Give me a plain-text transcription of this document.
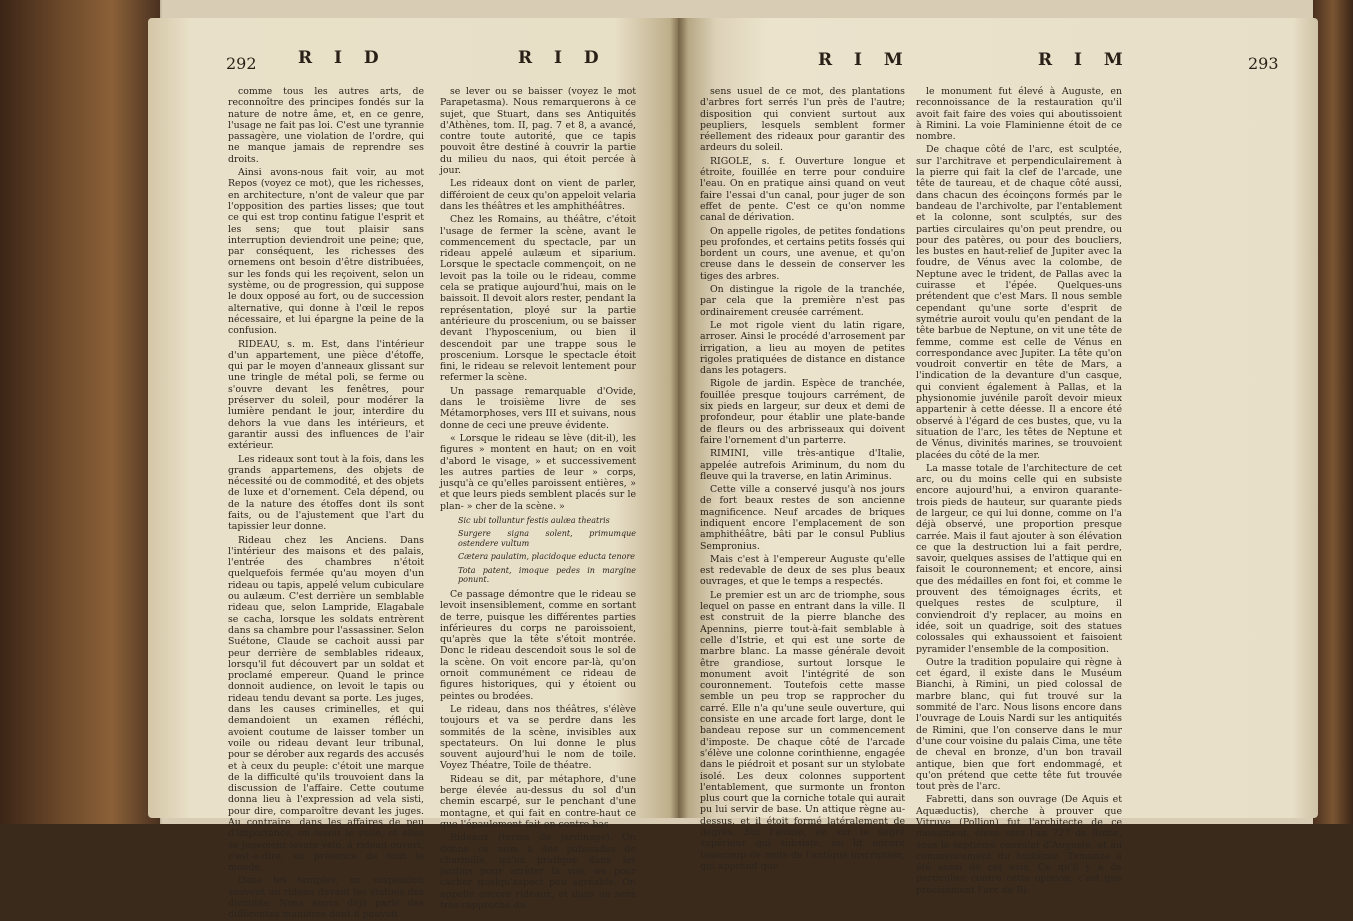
292 R I D	R I D

comme tous les autres arts, de reconnoître des principes fondés sur la nature de notre âme, et, en ce genre, l'usage ne fait pas loi. C'est une tyrannie passagère, une violation de l'ordre, qui ne manque jamais de reprendre ses droits.

Ainsi avons-nous fait voir, au mot Repos (voyez ce mot), que les richesses, en architecture, n'ont de valeur que par l'opposition des parties lisses; que tout ce qui est trop continu fatigue l'esprit et les sens; que tout plaisir sans interruption deviendroit une peine; que, par conséquent, les richesses des ornemens ont besoin d'être distribuées, sur les fonds qui les reçoivent, selon un système, ou de progression, qui suppose le doux opposé au fort, ou de succession alternative, qui donne à l'œil le repos nécessaire, et lui épargne la peine de la confusion.

RIDEAU, s. m. Est, dans l'intérieur d'un appartement, une pièce d'étoffe, qui par le moyen d'anneaux glissant sur une tringle de métal poli, se ferme ou s'ouvre devant les fenêtres, pour préserver du soleil, pour modérer la lumière pendant le jour, interdire du dehors la vue dans les intérieurs, et garantir aussi des influences de l'air extérieur.

Les rideaux sont tout à la fois, dans les grands appartemens, des objets de nécessité ou de commodité, et des objets de luxe et d'ornement. Cela dépend, ou de la nature des étoffes dont ils sont faits, ou de l'ajustement que l'art du tapissier leur donne.

Rideau chez les Anciens. Dans l'intérieur des maisons et des palais, l'entrée des chambres n'étoit quelquefois fermée qu'au moyen d'un rideau ou tapis, appelé velum cubiculare ou aulæum. C'est derrière un semblable rideau que, selon Lampride, Elagabale se cacha, lorsque les soldats entrèrent dans sa chambre pour l'assassiner. Selon Suétone, Claude se cachoit aussi par peur derrière de semblables rideaux, lorsqu'il fut découvert par un soldat et proclamé empereur. Quand le prince donnoit audience, on levoit le tapis ou rideau tendu devant sa porte. Les juges, dans les causes criminelles, et qui demandoient un examen réfléchi, avoient coutume de laisser tomber un voile ou rideau devant leur tribunal, pour se dérober aux regards des accusés et à ceux du peuple: c'étoit une marque de la difficulté qu'ils trouvoient dans la discussion de l'affaire. Cette coutume donna lieu à l'expression ad vela sisti, pour dire, comparoître devant les juges. Au contraire, dans les affaires de peu d'importance, on levoit le voile, et elles se jugeoient levato velo, à rideau ouvert, c'est-à-dire, en présence de tout le monde.

Dans les temples, on suspendoit souvent un rideau devant les statues des divinités. Nous avons déjà parlé des différentes manières dont il pouvoit

se lever ou se baisser (voyez le mot Parapetasma). Nous remarquerons à ce sujet, que Stuart, dans ses Antiquités d'Athènes, tom. II, pag. 7 et 8, a avancé, contre toute autorité, que ce tapis pouvoit être destiné à couvrir la partie du milieu du naos, qui étoit percée à jour.

Les rideaux dont on vient de parler, différoient de ceux qu'on appeloit velaria dans les théâtres et les amphithéâtres.

Chez les Romains, au théâtre, c'étoit l'usage de fermer la scène, avant le commencement du spectacle, par un rideau appelé aulæum et siparium. Lorsque le spectacle commençoit, on ne levoit pas la toile ou le rideau, comme cela se pratique aujourd'hui, mais on le baissoit. Il devoit alors rester, pendant la représentation, ployé sur la partie antérieure du proscenium, ou se baisser devant l'hyposcenium, ou bien il descendoit par une trappe sous le proscenium. Lorsque le spectacle étoit fini, le rideau se relevoit lentement pour refermer la scène.

Un passage remarquable d'Ovide, dans le troisième livre de ses Métamorphoses, vers III et suivans, nous donne de ceci une preuve évidente.

« Lorsque le rideau se lève (dit-il), les figures » montent en haut; on en voit d'abord le visage, » et successivement les autres parties de leur » corps, jusqu'à ce qu'elles paroissent entières, » et que leurs pieds semblent placés sur le plan- » cher de la scène. »

Sic ubi tolluntur festis aulæa theatris

Surgere signa solent, primumque ostendere vultum

Cætera paulatim, placidoque educta tenore

Tota patent, imoque pedes in margine ponunt.

Ce passage démontre que le rideau se levoit insensiblement, comme en sortant de terre, puisque les différentes parties inférieures du corps ne paroissoient, qu'après que la tête s'étoit montrée. Donc le rideau descendoit sous le sol de la scène. On voit encore par-là, qu'on ornoit communément ce rideau de figures historiques, qui y étoient ou peintes ou brodées.

Le rideau, dans nos théâtres, s'élève toujours et va se perdre dans les sommités de la scène, invisibles aux spectateurs. On lui donne le plus souvent aujourd'hui le nom de toile. Voyez Théatre, Toile de théatre.

Rideau se dit, par métaphore, d'une berge élevée au-dessus du sol d'un chemin escarpé, sur le penchant d'une montagne, et qui fait en contre-haut ce que l'épaulement fait en contre-bas.

Rideaux (terme de jardinage). On donne ce nom à des palissades de charmille, qu'on pratique dans les jardins pour arrêter la vue, ou pour cacher quelqu'aspect peu agréable. On appelle encore rideaux, et dans un sens très-rapproché du

R I M	R I M	293

sens usuel de ce mot, des plantations d'arbres fort serrés l'un près de l'autre; disposition qui convient surtout aux peupliers, lesquels semblent former réellement des rideaux pour garantir des ardeurs du soleil.

RIGOLE, s. f. Ouverture longue et étroite, fouillée en terre pour conduire l'eau. On en pratique ainsi quand on veut faire l'essai d'un canal, pour juger de son effet de pente. C'est ce qu'on nomme canal de dérivation.

On appelle rigoles, de petites fondations peu profondes, et certains petits fossés qui bordent un cours, une avenue, et qu'on creuse dans le dessein de conserver les tiges des arbres.

On distingue la rigole de la tranchée, par cela que la première n'est pas ordinairement creusée carrément.

Le mot rigole vient du latin rigare, arroser. Ainsi le procédé d'arrosement par irrigation, a lieu au moyen de petites rigoles pratiquées de distance en distance dans les potagers.

Rigole de jardin. Espèce de tranchée, fouillée presque toujours carrément, de six pieds en largeur, sur deux et demi de profondeur, pour établir une plate-bande de fleurs ou des arbrisseaux qui doivent faire l'ornement d'un parterre.

RIMINI, ville très-antique d'Italie, appelée autrefois Ariminum, du nom du fleuve qui la traverse, en latin Ariminus.

Cette ville a conservé jusqu'à nos jours de fort beaux restes de son ancienne magnificence. Neuf arcades de briques indiquent encore l'emplacement de son amphithéâtre, bâti par le consul Publius Sempronius.

Mais c'est à l'empereur Auguste qu'elle est redevable de deux de ses plus beaux ouvrages, et que le temps a respectés.

Le premier est un arc de triomphe, sous lequel on passe en entrant dans la ville. Il est construit de la pierre blanche des Apennins, pierre tout-à-fait semblable à celle d'Istrie, et qui est une sorte de marbre blanc. La masse générale devoit être grandiose, surtout lorsque le monument avoit l'intégrité de son couronnement. Toutefois cette masse semble un peu trop se rapprocher du carré. Elle n'a qu'une seule ouverture, qui consiste en une arcade fort large, dont le bandeau repose sur un commencement d'imposte. De chaque côté de l'arcade s'élève une colonne corinthienne, engagée dans le piédroit et posant sur un stylobate isolé. Les deux colonnes supportent l'entablement, que surmonte un fronton plus court que la corniche totale qui aurait pu lui servir de base. Un attique règne au-dessus, et il étoit formé latéralement de degrés. Sur l'assise, en sur le degré supérieur qui subsiste, on lit encore beaucoup de mots de l'antique inscription, qui apprend que

le monument fut élevé à Auguste, en reconnoissance de la restauration qu'il avoit fait faire des voies qui aboutissoient à Rimini. La voie Flaminienne étoit de ce nombre.

De chaque côté de l'arc, est sculptée, sur l'architrave et perpendiculairement à la pierre qui fait la clef de l'arcade, une tête de taureau, et de chaque côté aussi, dans chacun des écoinçons formés par le bandeau de l'archivolte, par l'entablement et la colonne, sont sculptés, sur des parties circulaires qu'on peut prendre, ou pour des patères, ou pour des boucliers, les bustes en haut-relief de Jupiter avec la foudre, de Vénus avec la colombe, de Neptune avec le trident, de Pallas avec la cuirasse et l'épée. Quelques-uns prétendent que c'est Mars. Il nous semble cependant qu'une sorte d'esprit de symétrie auroit voulu qu'en pendant de la tête barbue de Neptune, on vit une tête de femme, comme est celle de Vénus en correspondance avec Jupiter. La tête qu'on voudroit convertir en tête de Mars, a l'indication de la devanture d'un casque, qui convient également à Pallas, et la physionomie juvénile paroît devoir mieux appartenir à cette déesse. Il a encore été observé à l'égard de ces bustes, que, vu la situation de l'arc, les têtes de Neptune et de Vénus, divinités marines, se trouvoient placées du côté de la mer.

La masse totale de l'architecture de cet arc, ou du moins celle qui en subsiste encore aujourd'hui, a environ quarante-trois pieds de hauteur, sur quarante pieds de largeur, ce qui lui donne, comme on l'a déjà observé, une proportion presque carrée. Mais il faut ajouter à son élévation ce que la destruction lui a fait perdre, savoir, quelques assises de l'attique qui en faisoit le couronnement; et encore, ainsi que des médailles en font foi, et comme le prouvent des témoignages écrits, et quelques restes de sculpture, il conviendroit d'y replacer, au moins en idée, soit un quadrige, soit des statues colossales qui exhaussoient et faisoient pyramider l'ensemble de la composition.

Outre la tradition populaire qui règne à cet égard, il existe dans le Muséum Bianchi, à Rimini, un pied colossal de marbre blanc, qui fut trouvé sur la sommité de l'arc. Nous lisons encore dans l'ouvrage de Louis Nardi sur les antiquités de Rimini, que l'on conserve dans le mur d'une cour voisine du palais Cima, une tête de cheval en bronze, d'un bon travail antique, bien que fort endommagé, et qu'on prétend que cette tête fut trouvée tout près de l'arc.

Fabretti, dans son ouvrage (De Aquis et Aquæductis), cherche à prouver que Vitruve (Pollion) fut l'architecte de ce monument, élevé vers l'an 727 de Rome, sous le septième consulat d'Auguste, et au commencement du huitième. Temanza a été aussi de cet avis. Ce qu'il y a de particulier contre cette opinion, c'est que précisément l'arc de Ri-
